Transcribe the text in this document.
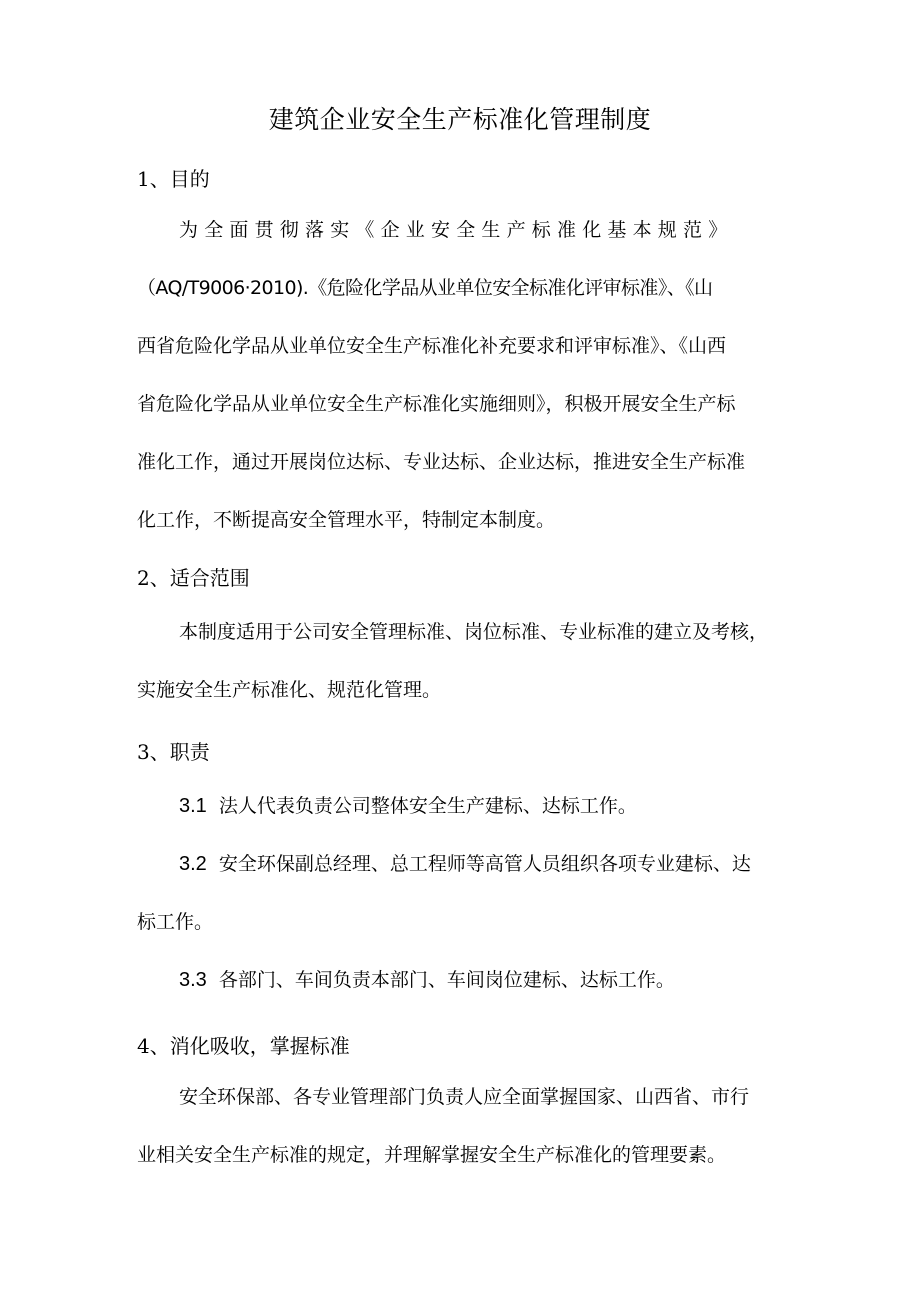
建筑企业安全生产标准化管理制度
1、目的
为全面贯彻落实《企业安全生产标准化基本规范》
（AQ/T9006·2010).《危险化学品从业单位安全标准化评审标准》、《山
西省危险化学品从业单位安全生产标准化补充要求和评审标准》、《山西
省危险化学品从业单位安全生产标准化实施细则》，积极开展安全生产标
准化工作，通过开展岗位达标、专业达标、企业达标，推进安全生产标准
化工作，不断提高安全管理水平，特制定本制度。
2、适合范围
本制度适用于公司安全管理标准、岗位标准、专业标准的建立及考核，
实施安全生产标准化、规范化管理。
3、职责
3.1 法人代表负责公司整体安全生产建标、达标工作。
3.2 安全环保副总经理、总工程师等高管人员组织各项专业建标、达
标工作。
3.3 各部门、车间负责本部门、车间岗位建标、达标工作。
4、消化吸收，掌握标准
安全环保部、各专业管理部门负责人应全面掌握国家、山西省、市行
业相关安全生产标准的规定，并理解掌握安全生产标准化的管理要素。
